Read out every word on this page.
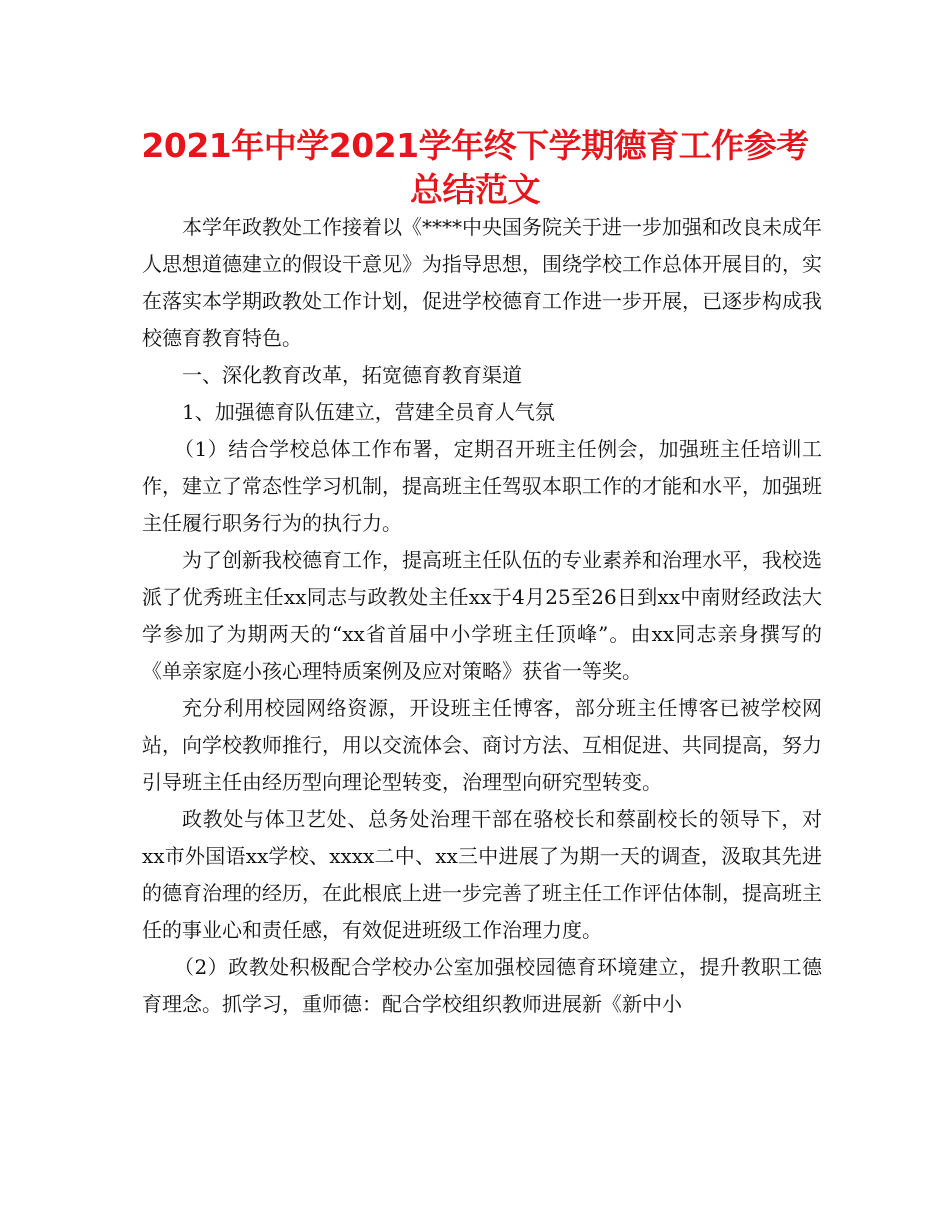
2021年中学2021学年终下学期德育工作参考
总结范文

本学年政教处工作接着以《****中央国务院关于进一步加强和改良未成年人思想道德建立的假设干意见》为指导思想，围绕学校工作总体开展目的，实在落实本学期政教处工作计划，促进学校德育工作进一步开展，已逐步构成我校德育教育特色。

一、深化教育改革，拓宽德育教育渠道

1、加强德育队伍建立，营建全员育人气氛

（1）结合学校总体工作布署，定期召开班主任例会，加强班主任培训工作，建立了常态性学习机制，提高班主任驾驭本职工作的才能和水平，加强班主任履行职务行为的执行力。

为了创新我校德育工作，提高班主任队伍的专业素养和治理水平，我校选派了优秀班主任xx同志与政教处主任xx于4月25至26日到xx中南财经政法大学参加了为期两天的“xx省首届中小学班主任顶峰”。由xx同志亲身撰写的《单亲家庭小孩心理特质案例及应对策略》获省一等奖。

充分利用校园网络资源，开设班主任博客，部分班主任博客已被学校网站，向学校教师推行，用以交流体会、商讨方法、互相促进、共同提高，努力引导班主任由经历型向理论型转变，治理型向研究型转变。

政教处与体卫艺处、总务处治理干部在骆校长和蔡副校长的领导下，对xx市外国语xx学校、xxxx二中、xx三中进展了为期一天的调查，汲取其先进的德育治理的经历，在此根底上进一步完善了班主任工作评估体制，提高班主任的事业心和责任感，有效促进班级工作治理力度。

（2）政教处积极配合学校办公室加强校园德育环境建立，提升教职工德育理念。抓学习，重师德：配合学校组织教师进展新《新中小
